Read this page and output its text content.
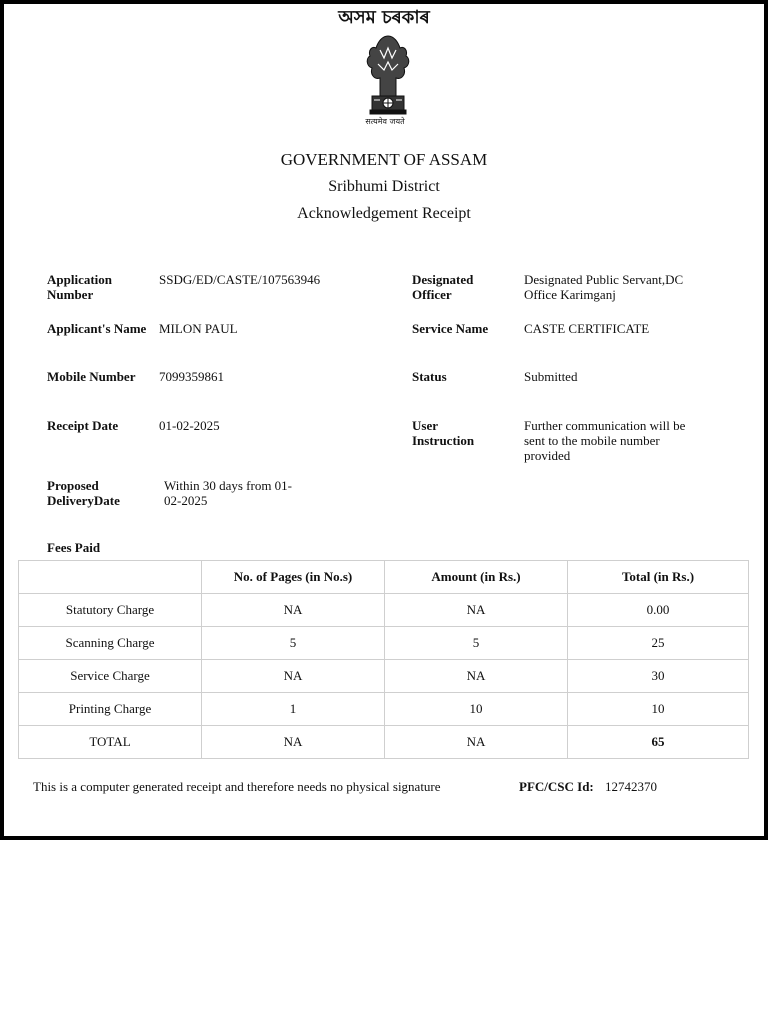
অসম চৰকাৰ
सत्यमेव जयते
GOVERNMENT OF ASSAM
Sribhumi District
Acknowledgement Receipt
Application Number
SSDG/ED/CASTE/107563946
Applicant's Name MILON PAUL
Mobile Number	7099359861
Receipt Date	01-02-2025
Proposed DeliveryDate
Within 30 days from 01-02-2025
Designated Officer
Designated Public Servant,DC Office Karimganj
Service Name	CASTE CERTIFICATE
Status	Submitted
User Instruction
Further communication will be sent to the mobile number provided
Fees Paid
	No. of Pages (in No.s)	Amount (in Rs.)	Total (in Rs.)
Statutory Charge	NA	NA	0.00
Scanning Charge	5	5	25
Service Charge	NA	NA	30
Printing Charge	1	10	10
TOTAL	NA	NA	65
This is a computer generated receipt and therefore needs no physical signature	PFC/CSC Id: 12742370
